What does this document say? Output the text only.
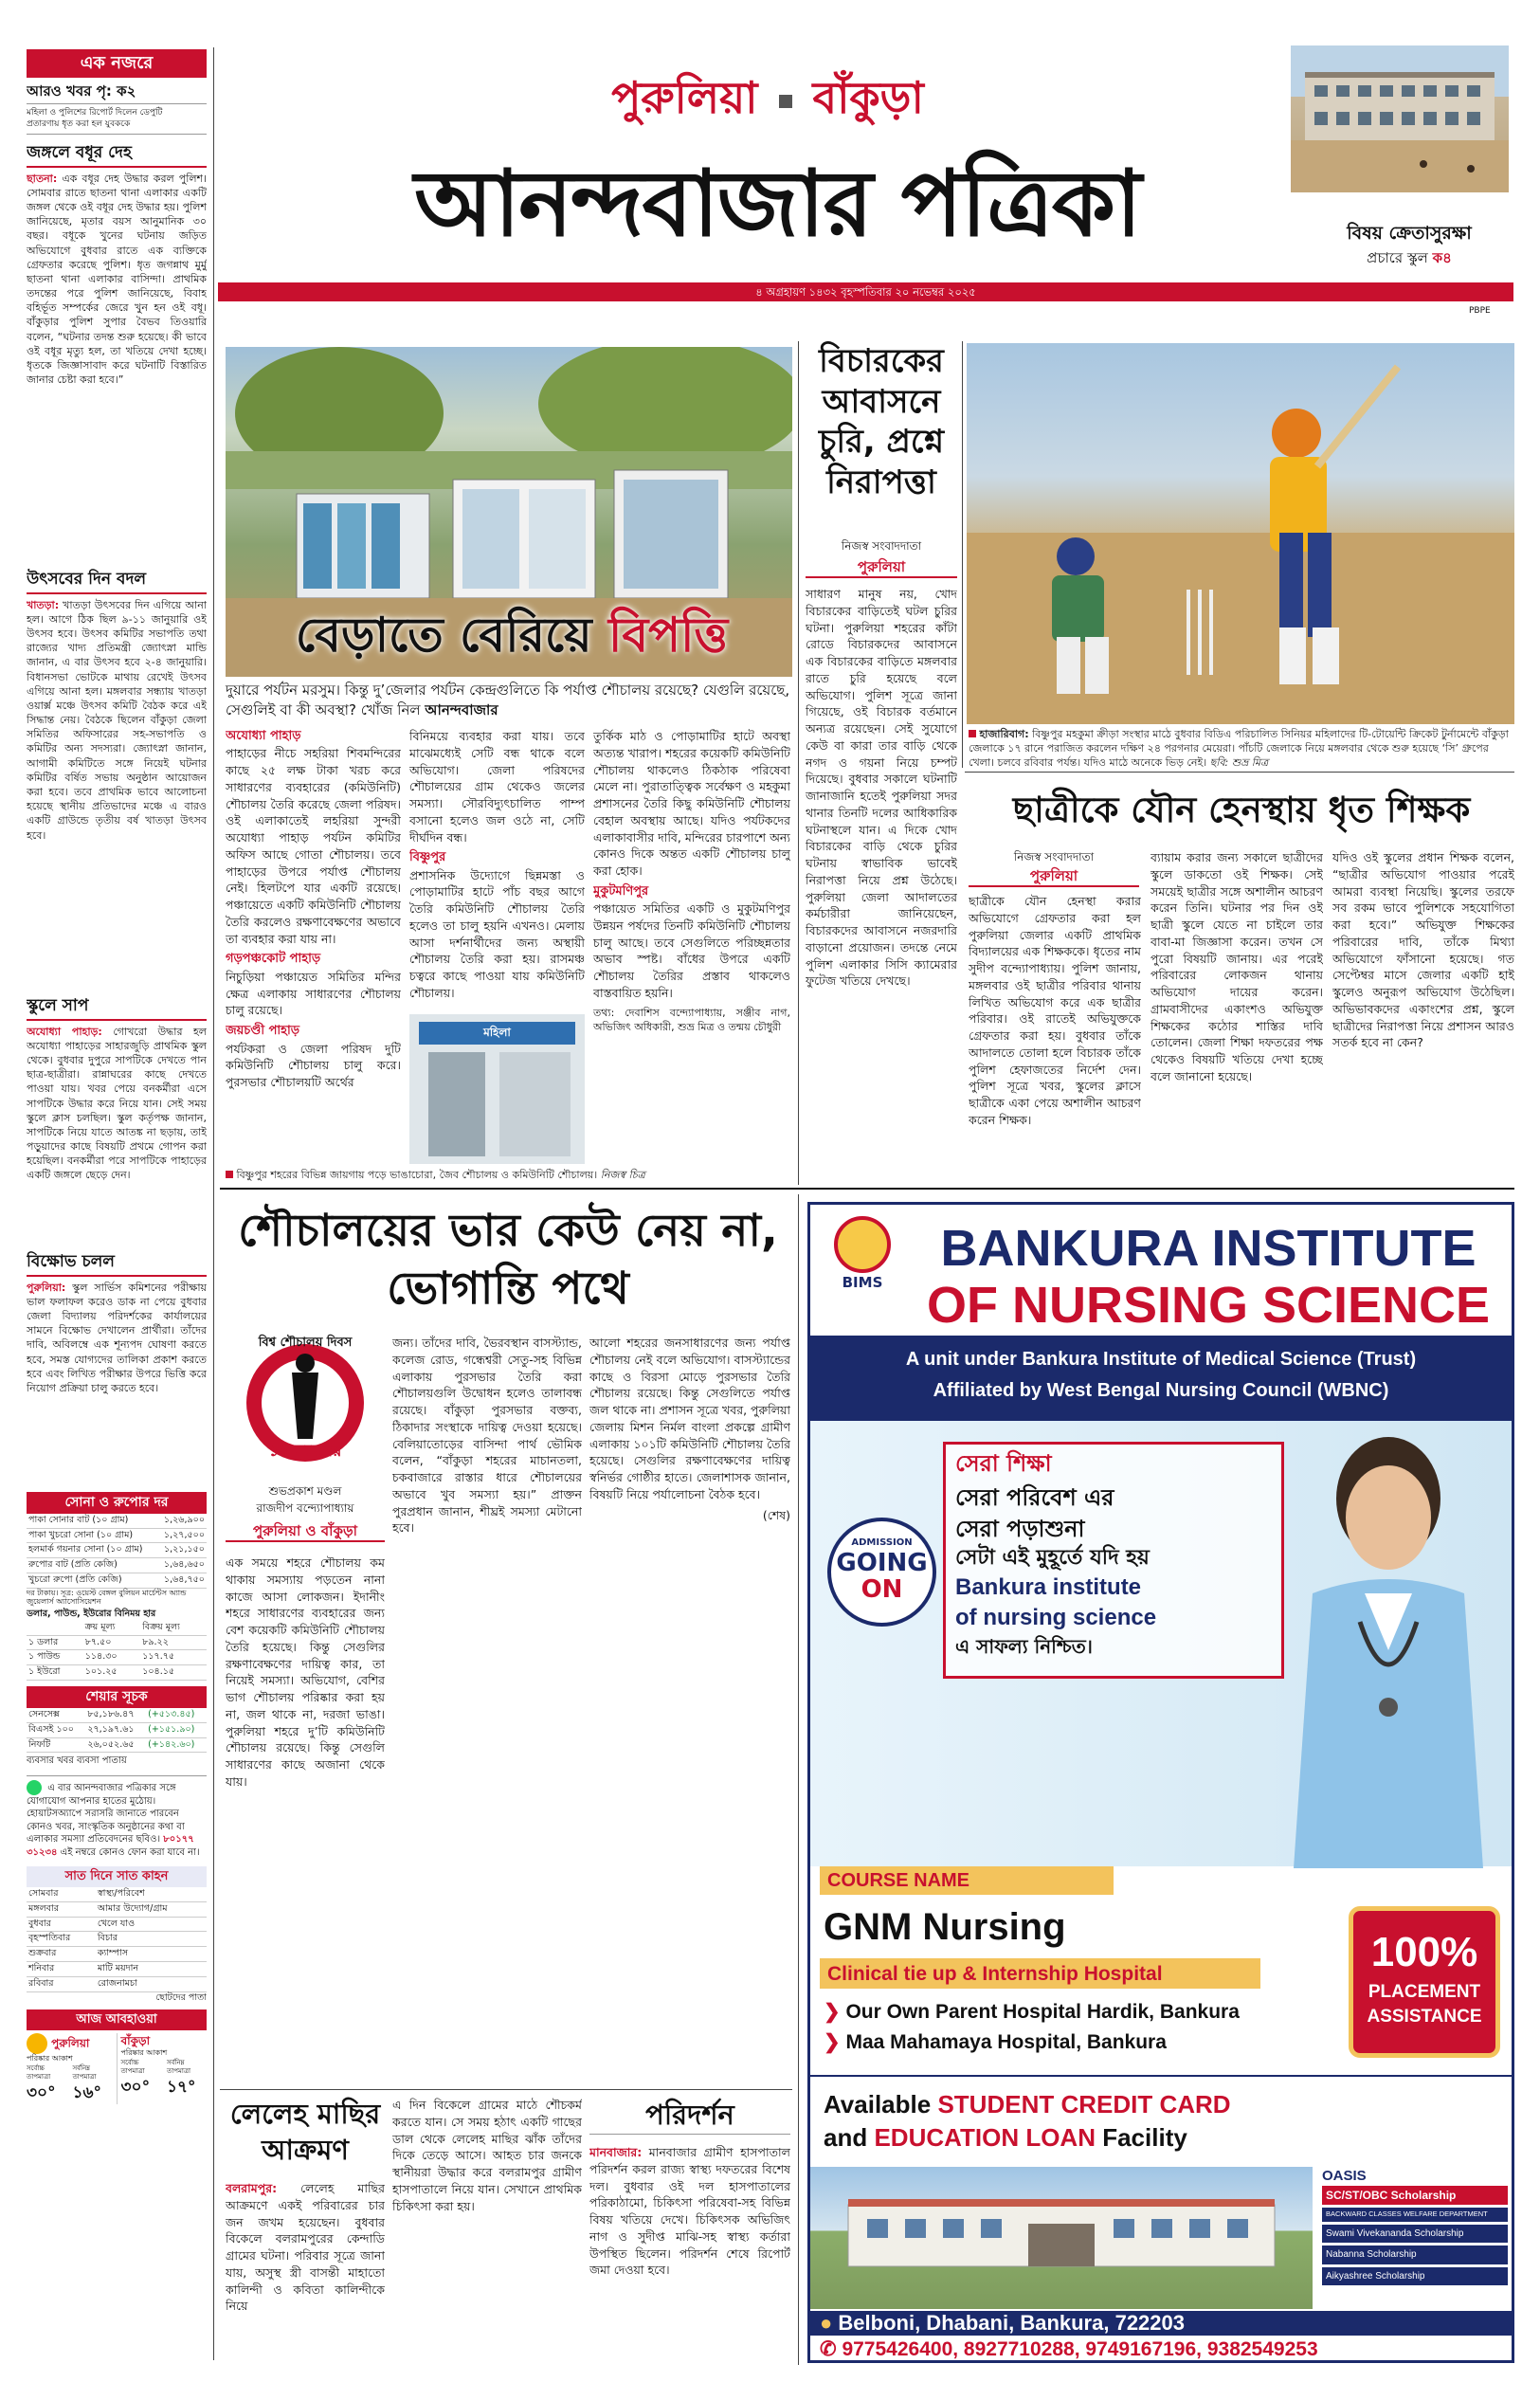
এক নজরে
আরও খবর পৃ: ক২
মহিলা ও পুলিশের রিপোর্ট দিলেন ডেপুটি
প্রতারণায় ধৃত করা হল যুবককে
জঙ্গলে বধূর দেহ

ছাতনা: এক বধূর দেহ উদ্ধার করল পুলিশ। সোমবার রাতে ছাতনা থানা এলাকার একটি জঙ্গল থেকে ওই বধূর দেহ উদ্ধার হয়। পুলিশ জানিয়েছে, মৃতার বয়স আনুমানিক ৩০ বছর। বধূকে খুনের ঘটনায় জড়িত অভিযোগে বুধবার রাতে এক ব্যক্তিকে গ্রেফতার করেছে পুলিশ। ধৃত জগন্নাথ মুর্মু ছাতনা থানা এলাকার বাসিন্দা। প্রাথমিক তদন্তের পরে পুলিশ জানিয়েছে, বিবাহ বহির্ভূত সম্পর্কের জেরে খুন হন ওই বধূ। বাঁকুড়ার পুলিশ সুপার বৈভব তিওয়ারি বলেন, “ঘটনার তদন্ত শুরু হয়েছে। কী ভাবে ওই বধূর মৃত্যু হল, তা খতিয়ে দেখা হচ্ছে। ধৃতকে জিজ্ঞাসাবাদ করে ঘটনাটি বিস্তারিত জানার চেষ্টা করা হবে।”

উৎসবের দিন বদল

খাতড়া: খাতড়া উৎসবের দিন এগিয়ে আনা হল। আগে ঠিক ছিল ৯-১১ জানুয়ারি ওই উৎসব হবে। উৎসব কমিটির সভাপতি তথা রাজ্যের খাদ্য প্রতিমন্ত্রী জ্যোৎস্না মান্ডি জানান, এ বার উৎসব হবে ২-৪ জানুয়ারি। বিধানসভা ভোটকে মাথায় রেখেই উৎসব এগিয়ে আনা হল। মঙ্গলবার সন্ধ্যায় খাতড়া ওয়ার্ক্স মঞ্চে উৎসব কমিটি বৈঠক করে এই সিদ্ধান্ত নেয়। বৈঠকে ছিলেন বাঁকুড়া জেলা সমিতির অফিসারের সহ-সভাপতি ও কমিটির অন্য সদস্যরা। জ্যোৎস্না জানান, আগামী কমিটিতে সঙ্গে নিয়েই ঘটনার কমিটির বর্ষিত সভায় অনুষ্ঠান আয়োজন করা হবে। তবে প্রাথমিক ভাবে আলোচনা হয়েছে স্থানীয় প্রতিভাদের মঞ্চে এ বারও একটি গ্রাউন্ডে তৃতীয় বর্ষ খাতড়া উৎসব হবে।

স্কুলে সাপ

অযোধ্যা পাহাড়: গোখরো উদ্ধার হল অযোধ্যা পাহাড়ের সাহারজুড়ি প্রাথমিক স্কুল থেকে। বুধবার দুপুরে সাপটিকে দেখতে পান ছাত্র-ছাত্রীরা। রান্নাঘরের কাছে দেখতে পাওয়া যায়। খবর পেয়ে বনকর্মীরা এসে সাপটিকে উদ্ধার করে নিয়ে যান। সেই সময় স্কুলে ক্লাস চলছিল। স্কুল কর্তৃপক্ষ জানান, সাপটিকে নিয়ে যাতে আতঙ্ক না ছড়ায়, তাই পড়ুয়াদের কাছে বিষয়টি প্রথমে গোপন করা হয়েছিল। বনকর্মীরা পরে সাপটিকে পাহাড়ের একটি জঙ্গলে ছেড়ে দেন।

বিক্ষোভ চলল

পুরুলিয়া: স্কুল সার্ভিস কমিশনের পরীক্ষায় ভাল ফলাফল করেও ডাক না পেয়ে বুধবার জেলা বিদ্যালয় পরিদর্শকের কার্যালয়ের সামনে বিক্ষোভ দেখালেন প্রার্থীরা। তাঁদের দাবি, অবিলম্বে এক শূন্যপদ ঘোষণা করতে হবে, সমস্ত যোগ্যদের তালিকা প্রকাশ করতে হবে এবং লিখিত পরীক্ষার উপরে ভিত্তি করে নিয়োগ প্রক্রিয়া চালু করতে হবে।

সোনা ও রুপোর দর
পাকা সোনার বাট (১০ গ্রাম)	১,২৬,৯০০
পাকা খুচরো সোনা (১০ গ্রাম)	১,২৭,৫০০
হলমার্ক গয়নার সোনা (১০ গ্রাম)	১,২১,১৫০
রুপোর বাট (প্রতি কেজি)	১,৬৪,৬৫০
খুচরো রুপো (প্রতি কেজি)	১,৬৪,৭৫০
দর টাকায়। সূত্র: ওয়েস্ট বেঙ্গল বুলিয়ন মার্চেন্টস অ্যান্ড জুয়েলার্স অ্যাসোসিয়েশন
ডলার, পাউন্ড, ইউরোর বিনিময় হার
	ক্রয় মূল্য	বিক্রয় মূল্য
১ ডলার	৮৭.৫০	৮৯.২২
১ পাউন্ড	১১৪.৩০	১১৭.৭৫
১ ইউরো	১০১.২৫	১০৪.১৫
শেয়ার সূচক
সেনসেক্স	৮৫,১৮৬.৪৭	(+৫১৩.৪৫)
বিএসই ১০০	২৭,১৯৭.৬১	(+১৫১.৯০)
নিফটি	২৬,০৫২.৬৫	(+১৪২.৬০)
ব্যবসার খবর ব্যবসা পাতায়
এ বার আনন্দবাজার পত্রিকার সঙ্গে যোগাযোগ আপনার হাতের মুঠোয়। হোয়াটসঅ্যাপে সরাসরি জানাতে পারবেন কোনও খবর, সাংস্কৃতিক অনুষ্ঠানের কথা বা এলাকার সমস্যা প্রতিবেদনের ছবিও। ৮০১৭৭ ৩১২৩৪ এই নম্বরে কোনও ফোন করা যাবে না।
সাত দিনে সাত কাহন
সোমবার	স্বাস্থ্য/পরিবেশ
মঙ্গলবার	আমার উদ্যোগ/গ্রাম
বুধবার	খেলে যাও
বৃহস্পতিবার	বিচার
শুক্রবার	ক্যাম্পাস
শনিবার	মাটি ময়দান
রবিবার	রোজনামচা
ছোটদের পাতা
আজ আবহাওয়া
পুরুলিয়া
পরিষ্কার আকাশ
সর্বোচ্চ তাপমাত্রা
৩০°
সর্বনিম্ন তাপমাত্রা
১৬°
বাঁকুড়া
পরিষ্কার আকাশ
সর্বোচ্চ তাপমাত্রা
৩০°
সর্বনিম্ন তাপমাত্রা
১৭°
পুরুলিয়া বাঁকুড়া
আনন্দবাজার পত্রিকা	বিষয় ক্রেতাসুরক্ষা
প্রচারে স্কুল ক৪
৪ অগ্রহায়ণ ১৪৩২ বৃহস্পতিবার ২০ নভেম্বর ২০২৫
PBPE
বেড়াতে বেরিয়ে বিপত্তি
দুয়ারে পর্যটন মরসুম। কিন্তু দু’জেলার পর্যটন কেন্দ্রগুলিতে কি পর্যাপ্ত শৌচালয় রয়েছে? যেগুলি রয়েছে, সেগুলিই বা কী অবস্থা? খোঁজ নিল আনন্দবাজার
অযোধ্যা পাহাড়

পাহাড়ের নীচে সহরিয়া শিবমন্দিরের কাছে ২৫ লক্ষ টাকা খরচ করে সাধারণের ব্যবহারের (কমিউনিটি) শৌচালয় তৈরি করেছে জেলা পরিষদ। ওই এলাকাতেই লহরিয়া সুন্দরী অযোধ্যা পাহাড় পর্যটন কমিটির অফিস আছে গোতা শৌচালয়। তবে পাহাড়ের উপরে পর্যাপ্ত শৌচালয় নেই। হিলটপে যার একটি রয়েছে। পঞ্চায়েতে একটি কমিউনিটি শৌচালয় তৈরি করলেও রক্ষণাবেক্ষণের অভাবে তা ব্যবহার করা যায় না।

গড়পঞ্চকোট পাহাড়

নিচুড়িয়া পঞ্চায়েত সমিতির মন্দির ক্ষেত্র এলাকায় সাধারণের শৌচালয় চালু রয়েছে।

জয়চণ্ডী পাহাড়

পর্যটকরা ও জেলা পরিষদ দুটি কমিউনিটি শৌচালয় চালু করে। পুরসভার শৌচালয়টি অর্থের

বিনিময়ে ব্যবহার করা যায়। তবে মাঝেমধ্যেই সেটি বন্ধ থাকে বলে অভিযোগ। জেলা পরিষদের শৌচালয়ের গ্রাম থেকেও জলের সমস্যা। সৌরবিদ্যুৎচালিত পাম্প বসানো হলেও জল ওঠে না, সেটি দীর্ঘদিন বন্ধ।

বিষ্ণুপুর

প্রশাসনিক উদ্যোগে ছিন্নমস্তা ও পোড়ামাটির হাটে পাঁচ বছর আগে তৈরি কমিউনিটি শৌচালয় তৈরি হলেও তা চালু হয়নি এখনও। মেলায় আসা দর্শনার্থীদের জন্য অস্থায়ী শৌচালয় তৈরি করা হয়। রাসমঞ্চ চত্বরে কাছে পাওয়া যায় কমিউনিটি শৌচালয়।

মহিলা

তুর্কিক মাঠ ও পোড়ামাটির হাটে অবস্থা অত্যন্ত খারাপ। শহরের কয়েকটি কমিউনিটি শৌচালয় থাকলেও ঠিকঠাক পরিষেবা মেলে না। পুরাতাত্ত্বিক সর্বেক্ষণ ও মহকুমা প্রশাসনের তৈরি কিছু কমিউনিটি শৌচালয় বেহাল অবস্থায় আছে। যদিও পর্যটকদের এলাকাবাসীর দাবি, মন্দিরের চারপাশে অন্য কোনও দিকে অন্তত একটি শৌচালয় চালু করা হোক।

মুকুটমণিপুর

পঞ্চায়েত সমিতির একটি ও মুকুটমণিপুর উন্নয়ন পর্ষদের তিনটি কমিউনিটি শৌচালয় চালু আছে। তবে সেগুলিতে পরিচ্ছন্নতার অভাব স্পষ্ট। বাঁধের উপরে একটি শৌচালয় তৈরির প্রস্তাব থাকলেও বাস্তবায়িত হয়নি।

তথ্য: দেবাশিস বন্দ্যোপাধ্যায়, সঞ্জীব নাগ, অভিজিৎ অধিকারী, শুভ্র মিত্র ও তন্ময় চৌধুরী

বিষ্ণুপুর শহরের বিভিন্ন জায়গায় পড়ে ভাঙাচোরা, জৈব শৌচালয় ও কমিউনিটি শৌচালয়। নিজস্ব চিত্র
বিচারকের আবাসনে চুরি, প্রশ্নে নিরাপত্তা
নিজস্ব সংবাদদাতা
পুরুলিয়া
সাধারণ মানুষ নয়, খোদ বিচারকের বাড়িতেই ঘটল চুরির ঘটনা। পুরুলিয়া শহরের কাঁটা রোডে বিচারকদের আবাসনে এক বিচারকের বাড়িতে মঙ্গলবার রাতে চুরি হয়েছে বলে অভিযোগ। পুলিশ সূত্রে জানা গিয়েছে, ওই বিচারক বর্তমানে অন্যত্র রয়েছেন। সেই সুযোগে কেউ বা কারা তার বাড়ি থেকে নগদ ও গয়না নিয়ে চম্পট দিয়েছে। বুধবার সকালে ঘটনাটি জানাজানি হতেই পুরুলিয়া সদর থানার তিনটি দলের আধিকারিক ঘটনাস্থলে যান। এ দিকে খোদ বিচারকের বাড়ি থেকে চুরির ঘটনায় স্বাভাবিক ভাবেই নিরাপত্তা নিয়ে প্রশ্ন উঠেছে। পুরুলিয়া জেলা আদালতের কর্মচারীরা জানিয়েছেন, বিচারকদের আবাসনে নজরদারি বাড়ানো প্রয়োজন। তদন্তে নেমে পুলিশ এলাকার সিসি ক্যামেরার ফুটেজ খতিয়ে দেখছে।
হাজারিবাগ: বিষ্ণুপুর মহকুমা ক্রীড়া সংস্থার মাঠে বুধবার বিডিএ পরিচালিত সিনিয়র মহিলাদের টি-টোয়েন্টি ক্রিকেট টুর্নামেন্টে বাঁকুড়া জেলাকে ১৭ রানে পরাজিত করলেন দক্ষিণ ২৪ পরগনার মেয়েরা। পাঁচটি জেলাকে নিয়ে মঙ্গলবার থেকে শুরু হয়েছে ‘সি’ গ্রুপের খেলা। চলবে রবিবার পর্যন্ত। যদিও মাঠে অনেকে ভিড় নেই। ছবি: শুভ্র মিত্র
ছাত্রীকে যৌন হেনস্থায় ধৃত শিক্ষক
নিজস্ব সংবাদদাতা
পুরুলিয়া
ছাত্রীকে যৌন হেনস্থা করার অভিযোগে গ্রেফতার করা হল পুরুলিয়া জেলার একটি প্রাথমিক বিদ্যালয়ের এক শিক্ষককে। ধৃতের নাম সুদীপ বন্দ্যোপাধ্যায়। পুলিশ জানায়, মঙ্গলবার ওই ছাত্রীর পরিবার থানায় লিখিত অভিযোগ করে এক ছাত্রীর পরিবার। ওই রাতেই অভিযুক্তকে গ্রেফতার করা হয়। বুধবার তাঁকে আদালতে তোলা হলে বিচারক তাঁকে পুলিশ হেফাজতের নির্দেশ দেন। পুলিশ সূত্রে খবর, স্কুলের ক্লাসে ছাত্রীকে একা পেয়ে অশালীন আচরণ করেন শিক্ষক।
ব্যায়াম করার জন্য সকালে ছাত্রীদের স্কুলে ডাকতো ওই শিক্ষক। সেই সময়েই ছাত্রীর সঙ্গে অশালীন আচরণ করেন তিনি। ঘটনার পর দিন ওই ছাত্রী স্কুলে যেতে না চাইলে তার বাবা-মা জিজ্ঞাসা করেন। তখন সে পুরো বিষয়টি জানায়। এর পরেই পরিবারের লোকজন থানায় অভিযোগ দায়ের করেন। গ্রামবাসীদের একাংশও অভিযুক্ত শিক্ষকের কঠোর শাস্তির দাবি তোলেন। জেলা শিক্ষা দফতরের পক্ষ থেকেও বিষয়টি খতিয়ে দেখা হচ্ছে বলে জানানো হয়েছে।
যদিও ওই স্কুলের প্রধান শিক্ষক বলেন, “ছাত্রীর অভিযোগ পাওয়ার পরেই আমরা ব্যবস্থা নিয়েছি। স্কুলের তরফে সব রকম ভাবে পুলিশকে সহযোগিতা করা হবে।” অভিযুক্ত শিক্ষকের পরিবারের দাবি, তাঁকে মিথ্যা অভিযোগে ফাঁসানো হয়েছে। গত সেপ্টেম্বর মাসে জেলার একটি হাই স্কুলেও অনুরূপ অভিযোগ উঠেছিল। অভিভাবকদের একাংশের প্রশ্ন, স্কুলে ছাত্রীদের নিরাপত্তা নিয়ে প্রশাসন আরও সতর্ক হবে না কেন?
শৌচালয়ের ভার কেউ নেয় না, ভোগান্তি পথে
বিশ্ব শৌচালয় দিবস
১৯ নভেম্বর
শুভপ্রকাশ মণ্ডল
রাজদীপ বন্দ্যোপাধ্যায়
পুরুলিয়া ও বাঁকুড়া
এক সময়ে শহরে শৌচালয় কম থাকায় সমস্যায় পড়তেন নানা কাজে আসা লোকজন। ইদানীং শহরে সাধারণের ব্যবহারের জন্য বেশ কয়েকটি কমিউনিটি শৌচালয় তৈরি হয়েছে। কিন্তু সেগুলির রক্ষণাবেক্ষণের দায়িত্ব কার, তা নিয়েই সমস্যা। অভিযোগ, বেশির ভাগ শৌচালয় পরিষ্কার করা হয় না, জল থাকে না, দরজা ভাঙা। পুরুলিয়া শহরে দু’টি কমিউনিটি শৌচালয় রয়েছে। কিন্তু সেগুলি সাধারণের কাছে অজানা থেকে যায়।
জন্য। তাঁদের দাবি, ভৈরবস্থান বাসস্ট্যান্ড, কলেজ রোড, গন্ধেশ্বরী সেতু-সহ বিভিন্ন এলাকায় পুরসভার তৈরি করা শৌচালয়গুলি উদ্বোধন হলেও তালাবন্ধ রয়েছে। বাঁকুড়া পুরসভার বক্তব্য, ঠিকাদার সংস্থাকে দায়িত্ব দেওয়া হয়েছে। বেলিয়াতোড়ের বাসিন্দা পার্থ ভৌমিক বলেন, “বাঁকুড়া শহরের মাচানতলা, চকবাজারে রাস্তার ধারে শৌচালয়ের অভাবে খুব সমস্যা হয়।” প্রাক্তন পুরপ্রধান জানান, শীঘ্রই সমস্যা মেটানো হবে।

আলো শহরের জনসাধারণের জন্য পর্যাপ্ত শৌচালয় নেই বলে অভিযোগ। বাসস্ট্যান্ডের কাছে ও বিরসা মোড়ে পুরসভার তৈরি শৌচালয় রয়েছে। কিন্তু সেগুলিতে পর্যাপ্ত জল থাকে না। প্রশাসন সূত্রে খবর, পুরুলিয়া জেলায় মিশন নির্মল বাংলা প্রকল্পে গ্রামীণ এলাকায় ১০১টি কমিউনিটি শৌচালয় তৈরি হয়েছে। সেগুলির রক্ষণাবেক্ষণের দায়িত্ব স্বনির্ভর গোষ্ঠীর হাতে। জেলাশাসক জানান, বিষয়টি নিয়ে পর্যালোচনা বৈঠক হবে।

(শেষ)

লেলেহ মাছির আক্রমণ
বলরামপুর: লেলেহ মাছির আক্রমণে একই পরিবারের চার জন জখম হয়েছেন। বুধবার বিকেলে বলরামপুরের কেন্দাডি গ্রামের ঘটনা। পরিবার সূত্রে জানা যায়, অসুস্থ স্ত্রী বাসন্তী মাহাতো কালিন্দী ও কবিতা কালিন্দীকে নিয়ে
এ দিন বিকেলে গ্রামের মাঠে শৌচকর্ম করতে যান। সে সময় হঠাৎ একটি গাছের ডাল থেকে লেলেহ মাছির ঝাঁক তাঁদের দিকে তেড়ে আসে। আহত চার জনকে স্থানীয়রা উদ্ধার করে বলরামপুর গ্রামীণ হাসপাতালে নিয়ে যান। সেখানে প্রাথমিক চিকিৎসা করা হয়।
পরিদর্শন
মানবাজার: মানবাজার গ্রামীণ হাসপাতাল পরিদর্শন করল রাজ্য স্বাস্থ্য দফতরের বিশেষ দল। বুধবার ওই দল হাসপাতালের পরিকাঠামো, চিকিৎসা পরিষেবা-সহ বিভিন্ন বিষয় খতিয়ে দেখে। চিকিৎসক অভিজিৎ নাগ ও সুদীপ্ত মাঝি-সহ স্বাস্থ্য কর্তারা উপস্থিত ছিলেন। পরিদর্শন শেষে রিপোর্ট জমা দেওয়া হবে।
BIMS
BANKURA INSTITUTE
OF NURSING SCIENCE
A unit under Bankura Institute of Medical Science (Trust)
Affiliated by West Bengal Nursing Council (WBNC)
সেরা শিক্ষা
সেরা পরিবেশ এর
সেরা পড়াশুনা
সেটা এই মুহূর্তে যদি হয়
Bankura institute
of nursing science
এ সাফল্য নিশ্চিত।
ADMISSION
GOING
ON
COURSE NAME
GNM Nursing
Clinical tie up & Internship Hospital
❯ Our Own Parent Hospital Hardik, Bankura
❯ Maa Mahamaya Hospital, Bankura
100%
PLACEMENT
ASSISTANCE
Available STUDENT CREDIT CARD
and EDUCATION LOAN Facility
OASIS
SC/ST/OBC Scholarship
BACKWARD CLASSES WELFARE DEPARTMENT
Swami Vivekananda Scholarship
Nabanna Scholarship
Aikyashree Scholarship
● Belboni, Dhabani, Bankura, 722203
✆ 9775426400, 8927710288, 9749167196, 9382549253
